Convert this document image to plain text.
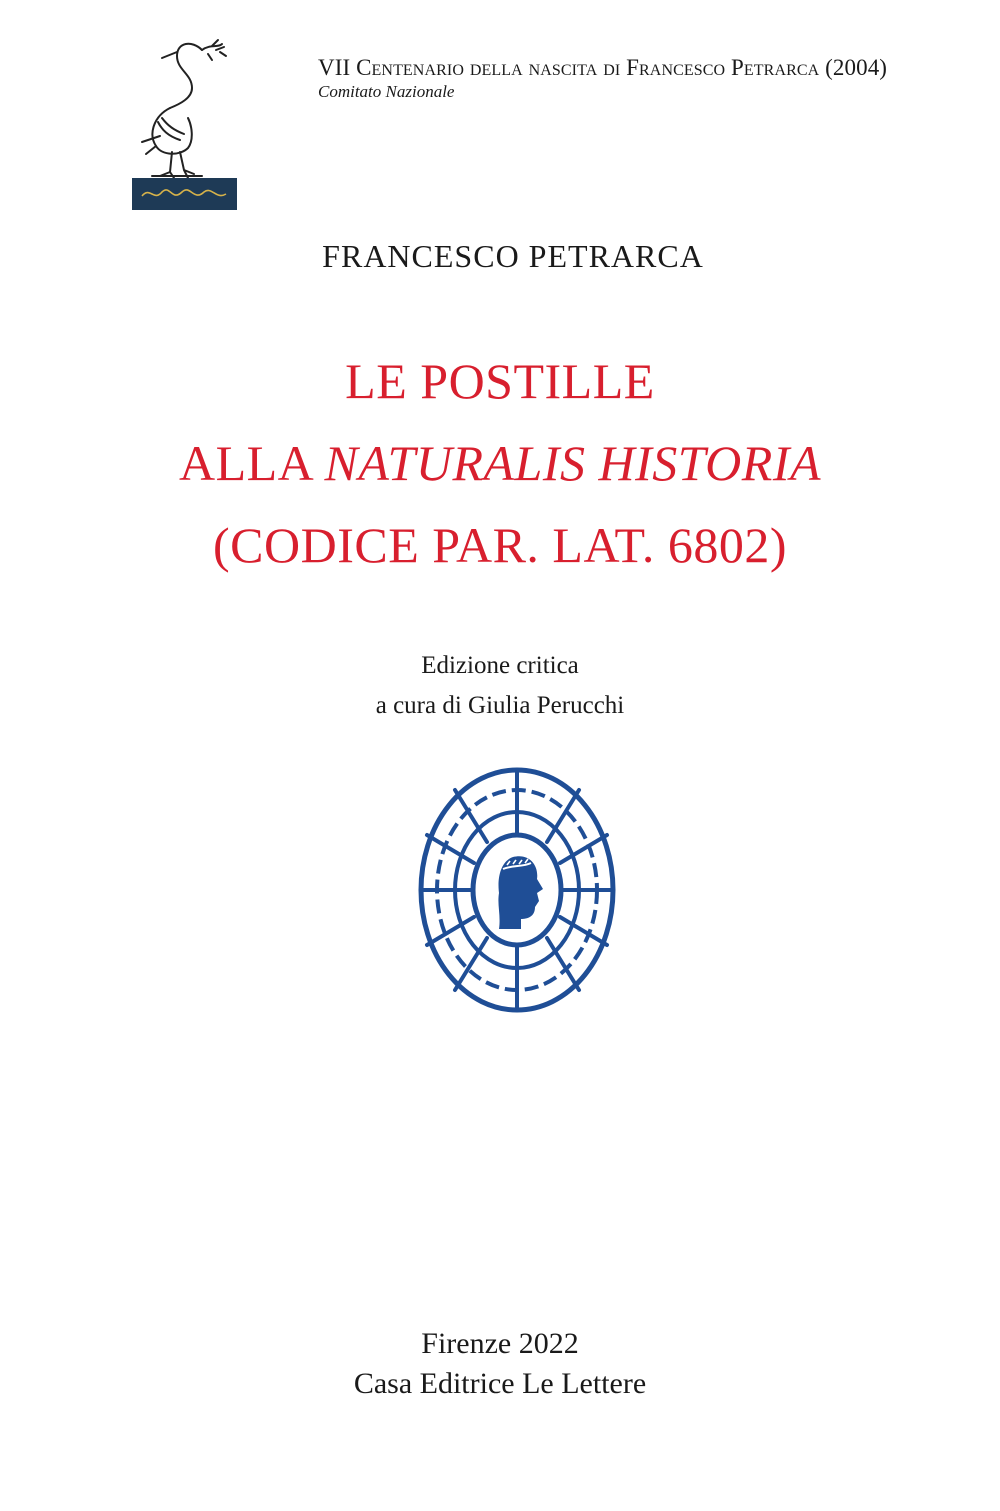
VII Centenario della nascita di Francesco Petrarca (2004)
Comitato Nazionale
FRANCESCO PETRARCA
LE POSTILLE
ALLA NATURALIS HISTORIA
(CODICE PAR. LAT. 6802)
Edizione critica
a cura di Giulia Perucchi
Firenze 2022
Casa Editrice Le Lettere
